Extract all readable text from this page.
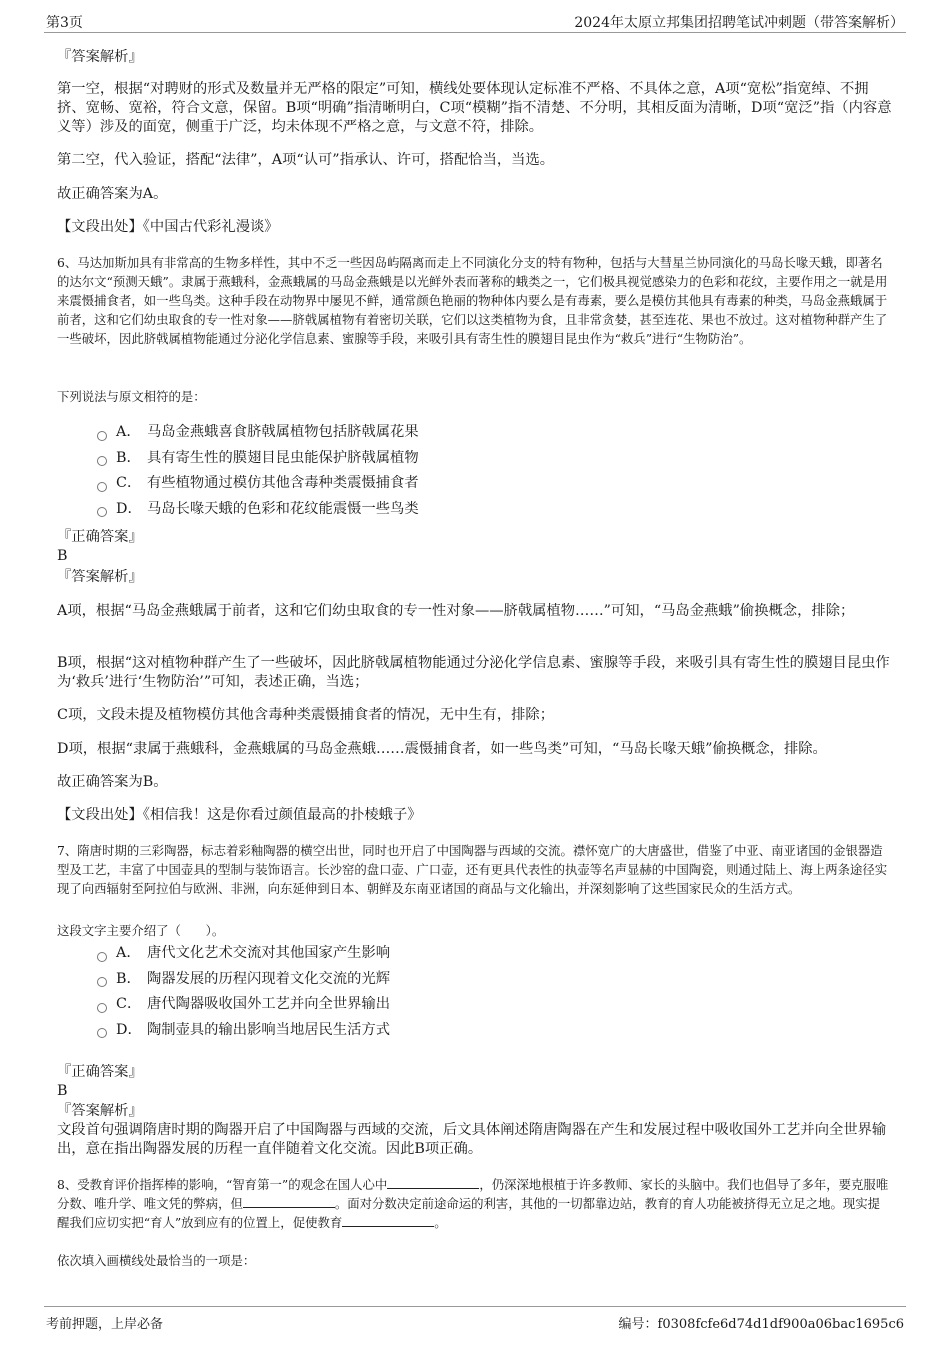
第3页	2024年太原立邦集团招聘笔试冲刺题（带答案解析）

『答案解析』

第一空，根据“对聘财的形式及数量并无严格的限定”可知，横线处要体现认定标准不严格、不具体之意，A项“宽松”指宽绰、不拥挤、宽畅、宽裕，符合文意，保留。B项“明确”指清晰明白，C项“模糊”指不清楚、不分明，其相反面为清晰，D项“宽泛”指（内容意义等）涉及的面宽，侧重于广泛，均未体现不严格之意，与文意不符，排除。

第二空，代入验证，搭配“法律”，A项“认可”指承认、许可，搭配恰当，当选。

故正确答案为A。

【文段出处】《中国古代彩礼漫谈》

6、马达加斯加具有非常高的生物多样性，其中不乏一些因岛屿隔离而走上不同演化分支的特有物种，包括与大彗星兰协同演化的马岛长喙天蛾，即著名的达尔文“预测天蛾”。隶属于燕蛾科，金燕蛾属的马岛金燕蛾是以光鲜外表而著称的蛾类之一，它们极具视觉感染力的色彩和花纹，主要作用之一就是用来震慑捕食者，如一些鸟类。这种手段在动物界中屡见不鲜，通常颜色艳丽的物种体内要么是有毒素，要么是模仿其他具有毒素的种类，马岛金燕蛾属于前者，这和它们幼虫取食的专一性对象——脐戟属植物有着密切关联，它们以这类植物为食，且非常贪婪，甚至连花、果也不放过。这对植物种群产生了一些破坏，因此脐戟属植物能通过分泌化学信息素、蜜腺等手段，来吸引具有寄生性的膜翅目昆虫作为“救兵”进行“生物防治”。

下列说法与原文相符的是：

A． 马岛金燕蛾喜食脐戟属植物包括脐戟属花果
B． 具有寄生性的膜翅目昆虫能保护脐戟属植物
C． 有些植物通过模仿其他含毒种类震慑捕食者
D． 马岛长喙天蛾的色彩和花纹能震慑一些鸟类

『正确答案』

B

『答案解析』

A项，根据“马岛金燕蛾属于前者，这和它们幼虫取食的专一性对象——脐戟属植物……”可知，“马岛金燕蛾”偷换概念，排除；

B项，根据“这对植物种群产生了一些破坏，因此脐戟属植物能通过分泌化学信息素、蜜腺等手段，来吸引具有寄生性的膜翅目昆虫作为‘救兵’进行‘生物防治’”可知，表述正确，当选；

C项，文段未提及植物模仿其他含毒种类震慑捕食者的情况，无中生有，排除；

D项，根据“隶属于燕蛾科，金燕蛾属的马岛金燕蛾……震慑捕食者，如一些鸟类”可知，“马岛长喙天蛾”偷换概念，排除。

故正确答案为B。

【文段出处】《相信我！这是你看过颜值最高的扑棱蛾子》

7、隋唐时期的三彩陶器，标志着彩釉陶器的横空出世，同时也开启了中国陶器与西域的交流。襟怀宽广的大唐盛世，借鉴了中亚、南亚诸国的金银器造型及工艺，丰富了中国壶具的型制与装饰语言。长沙窑的盘口壶、广口壶，还有更具代表性的执壶等名声显赫的中国陶瓷，则通过陆上、海上两条途径实现了向西辐射至阿拉伯与欧洲、非洲，向东延伸到日本、朝鲜及东南亚诸国的商品与文化输出，并深刻影响了这些国家民众的生活方式。

这段文字主要介绍了（　　）。

A． 唐代文化艺术交流对其他国家产生影响
B． 陶器发展的历程闪现着文化交流的光辉
C． 唐代陶器吸收国外工艺并向全世界输出
D． 陶制壶具的输出影响当地居民生活方式

『正确答案』

B

『答案解析』

文段首句强调隋唐时期的陶器开启了中国陶器与西域的交流，后文具体阐述隋唐陶器在产生和发展过程中吸收国外工艺并向全世界输出，意在指出陶器发展的历程一直伴随着文化交流。因此B项正确。

8、受教育评价指挥棒的影响，“智育第一”的观念在国人心中	，仍深深地根植于许多教师、家长的头脑中。我们也倡导了多年，要克服唯分数、唯升学、唯文凭的弊病，但	。面对分数决定前途命运的利害，其他的一切都靠边站，教育的育人功能被挤得无立足之地。现实提醒我们应切实把“育人”放到应有的位置上，促使教育	。

依次填入画横线处最恰当的一项是：

考前押题，上岸必备	编号：f0308fcfe6d74d1df900a06bac1695c6
